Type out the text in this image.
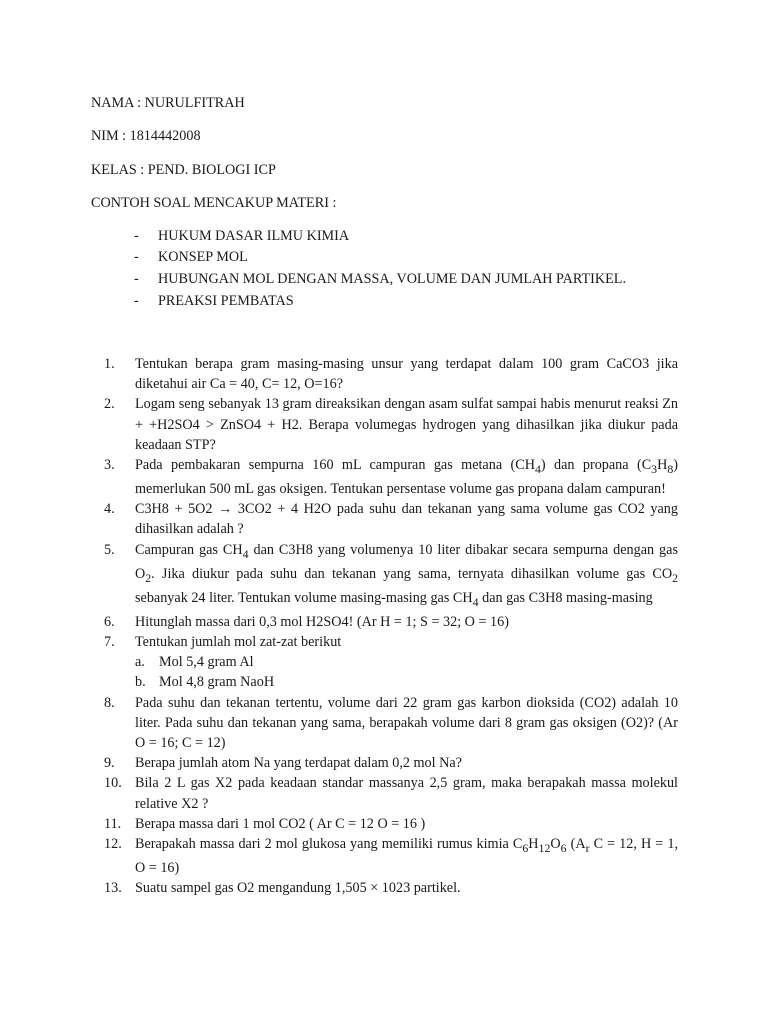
NAMA : NURULFITRAH
NIM : 1814442008
KELAS : PEND. BIOLOGI ICP
CONTOH SOAL MENCAKUP MATERI :
- HUKUM DASAR ILMU KIMIA
- KONSEP MOL
- HUBUNGAN MOL DENGAN MASSA, VOLUME DAN JUMLAH PARTIKEL.
- PREAKSI PEMBATAS
1.	Tentukan berapa gram masing-masing unsur yang terdapat dalam 100 gram CaCO3 jika diketahui air Ca = 40, C= 12, O=16?
2.	Logam seng sebanyak 13 gram direaksikan dengan asam sulfat sampai habis menurut reaksi Zn + +H2SO4 > ZnSO4 + H2. Berapa volumegas hydrogen yang dihasilkan jika diukur pada keadaan STP?
3.	Pada pembakaran sempurna 160 mL campuran gas metana $(CH_4)$ dan propana $(C_3H_8)$ memerlukan 500 mL gas oksigen. Tentukan persentase volume gas propana dalam campuran!
4.	C3H8 + 5O2 → 3CO2 + 4 H2O pada suhu dan tekanan yang sama volume gas CO2 yang dihasilkan adalah ?
5.	Campuran gas $CH_4$ dan C3H8 yang volumenya 10 liter dibakar secara sempurna dengan gas $O_2$. Jika diukur pada suhu dan tekanan yang sama, ternyata dihasilkan volume gas $CO_2$ sebanyak 24 liter. Tentukan volume masing-masing gas $CH_4$ dan gas C3H8 masing-masing
6.	Hitunglah massa dari 0,3 mol H2SO4! (Ar H = 1; S = 32; O = 16)
7.	Tentukan jumlah mol zat-zat berikut
a. Mol 5,4 gram Al
b. Mol 4,8 gram NaoH
8.	Pada suhu dan tekanan tertentu, volume dari 22 gram gas karbon dioksida (CO2) adalah 10 liter. Pada suhu dan tekanan yang sama, berapakah volume dari 8 gram gas oksigen (O2)? (Ar O = 16; C = 12)
9.	Berapa jumlah atom Na yang terdapat dalam 0,2 mol Na?
10. Bila 2 L gas X2 pada keadaan standar massanya 2,5 gram, maka berapakah massa molekul relative X2 ?
11. Berapa massa dari 1 mol CO2 ( Ar C = 12 O = 16 )
12. Berapakah massa dari 2 mol glukosa yang memiliki rumus kimia $C_6H_{12}O_6$ ($A_r$ C = 12, H = 1, O = 16)
13. Suatu sampel gas O2 mengandung 1,505 × 1023 partikel.
